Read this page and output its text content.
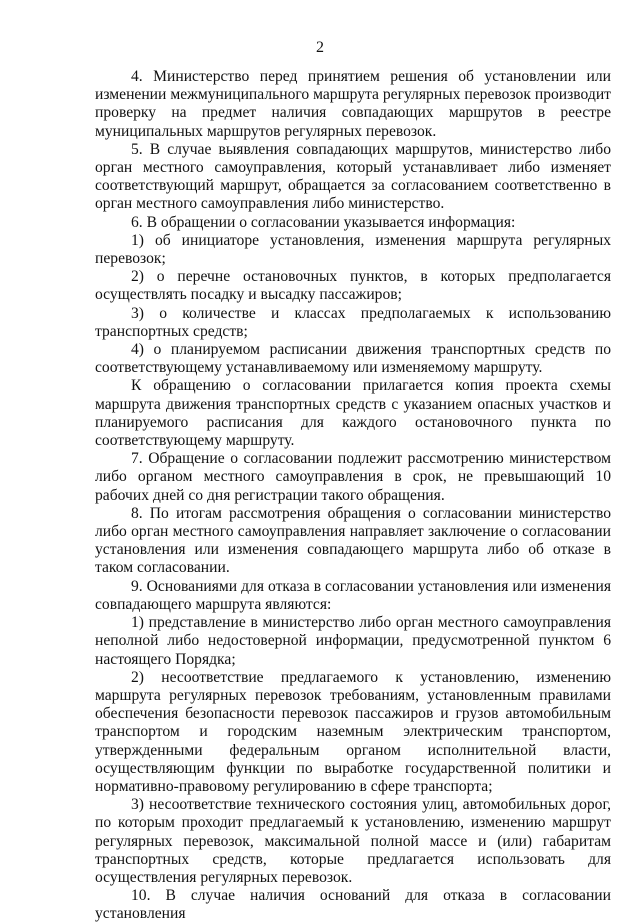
2

4. Министерство перед принятием решения об установлении или изменении межмуниципального маршрута регулярных перевозок производит проверку на предмет наличия совпадающих маршрутов в реестре муниципальных маршрутов регулярных перевозок.

5. В случае выявления совпадающих маршрутов, министерство либо орган местного самоуправления, который устанавливает либо изменяет соответствующий маршрут, обращается за согласованием соответственно в орган местного самоуправления либо министерство.

6. В обращении о согласовании указывается информация:

1) об инициаторе установления, изменения маршрута регулярных перевозок;

2) о перечне остановочных пунктов, в которых предполагается осуществлять посадку и высадку пассажиров;

3) о количестве и классах предполагаемых к использованию транспортных средств;

4) о планируемом расписании движения транспортных средств по соответствующему устанавливаемому или изменяемому маршруту.

К обращению о согласовании прилагается копия проекта схемы маршрута движения транспортных средств с указанием опасных участков и планируемого расписания для каждого остановочного пункта по соответствующему маршруту.

7. Обращение о согласовании подлежит рассмотрению министерством либо органом местного самоуправления в срок, не превышающий 10 рабочих дней со дня регистрации такого обращения.

8. По итогам рассмотрения обращения о согласовании министерство либо орган местного самоуправления направляет заключение о согласовании установления или изменения совпадающего маршрута либо об отказе в таком согласовании.

9. Основаниями для отказа в согласовании установления или изменения совпадающего маршрута являются:

1) представление в министерство либо орган местного самоуправления неполной либо недостоверной информации, предусмотренной пунктом 6 настоящего Порядка;

2) несоответствие предлагаемого к установлению, изменению маршрута регулярных перевозок требованиям, установленным правилами обеспечения безопасности перевозок пассажиров и грузов автомобильным транспортом и городским наземным электрическим транспортом, утвержденными федеральным органом исполнительной власти, осуществляющим функции по выработке государственной политики и нормативно-правовому регулированию в сфере транспорта;

3) несоответствие технического состояния улиц, автомобильных дорог, по которым проходит предлагаемый к установлению, изменению маршрут регулярных перевозок, максимальной полной массе и (или) габаритам транспортных средств, которые предлагается использовать для осуществления регулярных перевозок.

10. В случае наличия оснований для отказа в согласовании установления
